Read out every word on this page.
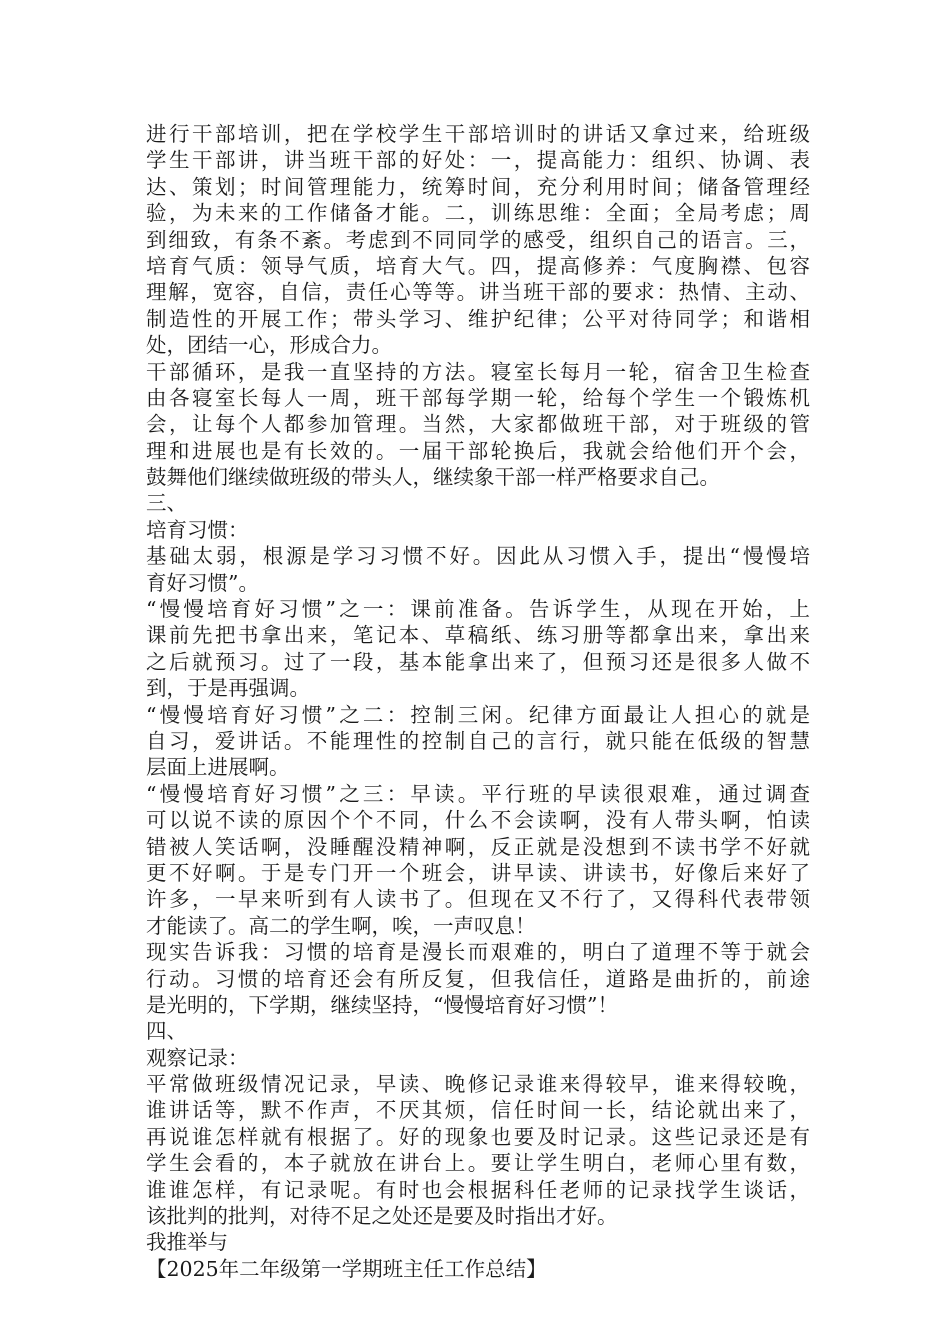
进行干部培训，把在学校学生干部培训时的讲话又拿过来，给班级
学生干部讲，讲当班干部的好处：一，提高能力：组织、协调、表
达、策划；时间管理能力，统筹时间，充分利用时间；储备管理经
验，为未来的工作储备才能。二，训练思维：全面；全局考虑；周
到细致，有条不紊。考虑到不同同学的感受，组织自己的语言。三，
培育气质：领导气质，培育大气。四，提高修养：气度胸襟、包容
理解，宽容，自信，责任心等等。讲当班干部的要求：热情、主动、
制造性的开展工作；带头学习、维护纪律；公平对待同学；和谐相
处，团结一心，形成合力。
干部循环，是我一直坚持的方法。寝室长每月一轮，宿舍卫生检查
由各寝室长每人一周，班干部每学期一轮，给每个学生一个锻炼机
会，让每个人都参加管理。当然，大家都做班干部，对于班级的管
理和进展也是有长效的。一届干部轮换后，我就会给他们开个会，
鼓舞他们继续做班级的带头人，继续象干部一样严格要求自己。
三、
培育习惯：
基础太弱，根源是学习习惯不好。因此从习惯入手，提出“慢慢培
育好习惯”。
“慢慢培育好习惯”之一：课前准备。告诉学生，从现在开始，上
课前先把书拿出来，笔记本、草稿纸、练习册等都拿出来，拿出来
之后就预习。过了一段，基本能拿出来了，但预习还是很多人做不
到，于是再强调。
“慢慢培育好习惯”之二：控制三闲。纪律方面最让人担心的就是
自习，爱讲话。不能理性的控制自己的言行，就只能在低级的智慧
层面上进展啊。
“慢慢培育好习惯”之三：早读。平行班的早读很艰难，通过调查
可以说不读的原因个个不同，什么不会读啊，没有人带头啊，怕读
错被人笑话啊，没睡醒没精神啊，反正就是没想到不读书学不好就
更不好啊。于是专门开一个班会，讲早读、讲读书，好像后来好了
许多，一早来听到有人读书了。但现在又不行了，又得科代表带领
才能读了。高二的学生啊，唉，一声叹息！
现实告诉我：习惯的培育是漫长而艰难的，明白了道理不等于就会
行动。习惯的培育还会有所反复，但我信任，道路是曲折的，前途
是光明的，下学期，继续坚持，“慢慢培育好习惯”！
四、
观察记录：
平常做班级情况记录，早读、晚修记录谁来得较早，谁来得较晚，
谁讲话等，默不作声，不厌其烦，信任时间一长，结论就出来了，
再说谁怎样就有根据了。好的现象也要及时记录。这些记录还是有
学生会看的，本子就放在讲台上。要让学生明白，老师心里有数，
谁谁怎样，有记录呢。有时也会根据科任老师的记录找学生谈话，
该批判的批判，对待不足之处还是要及时指出才好。
我推举与
【2025年二年级第一学期班主任工作总结】
